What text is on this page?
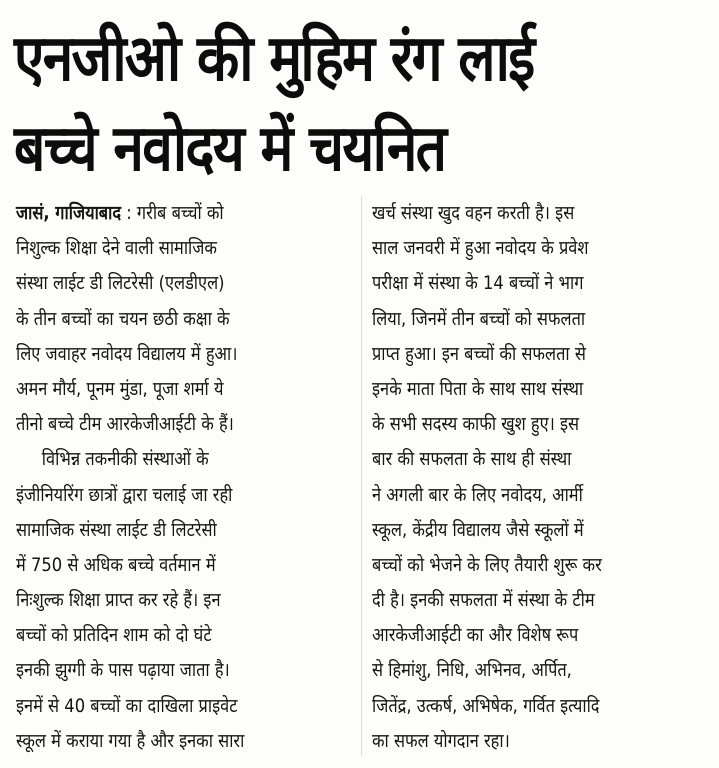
एनजीओ की मुहिम रंग लाई
बच्चे नवोदय में चयनित
जासं, गाजियाबाद : गरीब बच्चों को
निशुल्क शिक्षा देने वाली सामाजिक
संस्था लाईट डी लिटरेसी (एलडीएल)
के तीन बच्चों का चयन छठी कक्षा के
लिए जवाहर नवोदय विद्यालय में हुआ।
अमन मौर्य, पूनम मुंडा, पूजा शर्मा ये
तीनो बच्चे टीम आरकेजीआईटी के हैं।
विभिन्न तकनीकी संस्थाओं के
इंजीनियरिंग छात्रों द्वारा चलाई जा रही
सामाजिक संस्था लाईट डी लिटरेसी
में 750 से अधिक बच्चे वर्तमान में
निःशुल्क शिक्षा प्राप्त कर रहे हैं। इन
बच्चों को प्रतिदिन शाम को दो घंटे
इनकी झुग्गी के पास पढ़ाया जाता है।
इनमें से 40 बच्चों का दाखिला प्राइवेट
स्कूल में कराया गया है और इनका सारा
खर्च संस्था खुद वहन करती है। इस
साल जनवरी में हुआ नवोदय के प्रवेश
परीक्षा में संस्था के 14 बच्चों ने भाग
लिया, जिनमें तीन बच्चों को सफलता
प्राप्त हुआ। इन बच्चों की सफलता से
इनके माता पिता के साथ साथ संस्था
के सभी सदस्य काफी खुश हुए। इस
बार की सफलता के साथ ही संस्था
ने अगली बार के लिए नवोदय, आर्मी
स्कूल, केंद्रीय विद्यालय जैसे स्कूलों में
बच्चों को भेजने के लिए तैयारी शुरू कर
दी है। इनकी सफलता में संस्था के टीम
आरकेजीआईटी का और विशेष रूप
से हिमांशु, निधि, अभिनव, अर्पित,
जितेंद्र, उत्कर्ष, अभिषेक, गर्वित इत्यादि
का सफल योगदान रहा।
